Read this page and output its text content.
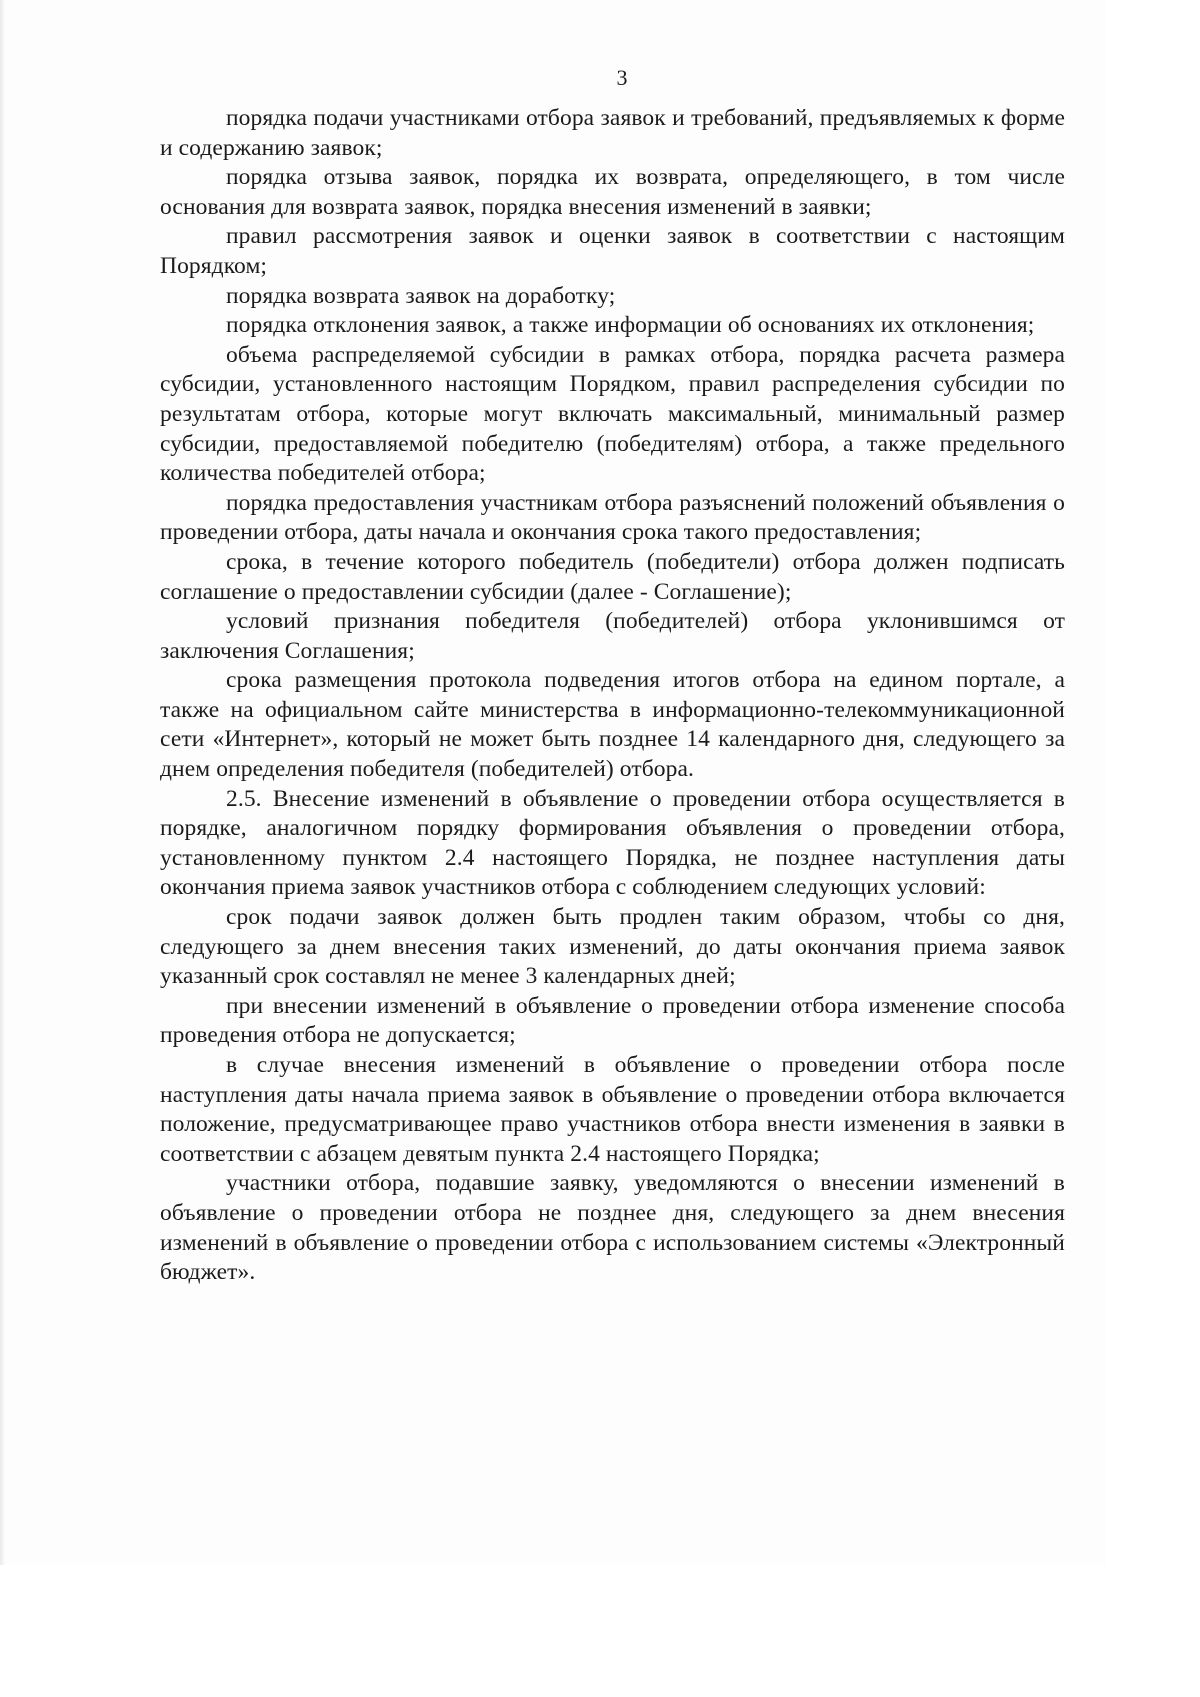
3

порядка подачи участниками отбора заявок и требований, предъявляемых к форме и содержанию заявок;

порядка отзыва заявок, порядка их возврата, определяющего, в том числе основания для возврата заявок, порядка внесения изменений в заявки;

правил рассмотрения заявок и оценки заявок в соответствии с настоящим Порядком;

порядка возврата заявок на доработку;

порядка отклонения заявок, а также информации об основаниях их отклонения;

объема распределяемой субсидии в рамках отбора, порядка расчета размера субсидии, установленного настоящим Порядком, правил распределения субсидии по результатам отбора, которые могут включать максимальный, минимальный размер субсидии, предоставляемой победителю (победителям) отбора, а также предельного количества победителей отбора;

порядка предоставления участникам отбора разъяснений положений объявления о проведении отбора, даты начала и окончания срока такого предоставления;

срока, в течение которого победитель (победители) отбора должен подписать соглашение о предоставлении субсидии (далее - Соглашение);

условий признания победителя (победителей) отбора уклонившимся от заключения Соглашения;

срока размещения протокола подведения итогов отбора на едином портале, а также на официальном сайте министерства в информационно-телекоммуникационной сети «Интернет», который не может быть позднее 14 календарного дня, следующего за днем определения победителя (победителей) отбора.

2.5. Внесение изменений в объявление о проведении отбора осуществляется в порядке, аналогичном порядку формирования объявления о проведении отбора, установленному пунктом 2.4 настоящего Порядка, не позднее наступления даты окончания приема заявок участников отбора с соблюдением следующих условий:

срок подачи заявок должен быть продлен таким образом, чтобы со дня, следующего за днем внесения таких изменений, до даты окончания приема заявок указанный срок составлял не менее 3 календарных дней;

при внесении изменений в объявление о проведении отбора изменение способа проведения отбора не допускается;

в случае внесения изменений в объявление о проведении отбора после наступления даты начала приема заявок в объявление о проведении отбора включается положение, предусматривающее право участников отбора внести изменения в заявки в соответствии с абзацем девятым пункта 2.4 настоящего Порядка;

участники отбора, подавшие заявку, уведомляются о внесении изменений в объявление о проведении отбора не позднее дня, следующего за днем внесения изменений в объявление о проведении отбора с использованием системы «Электронный бюджет».
